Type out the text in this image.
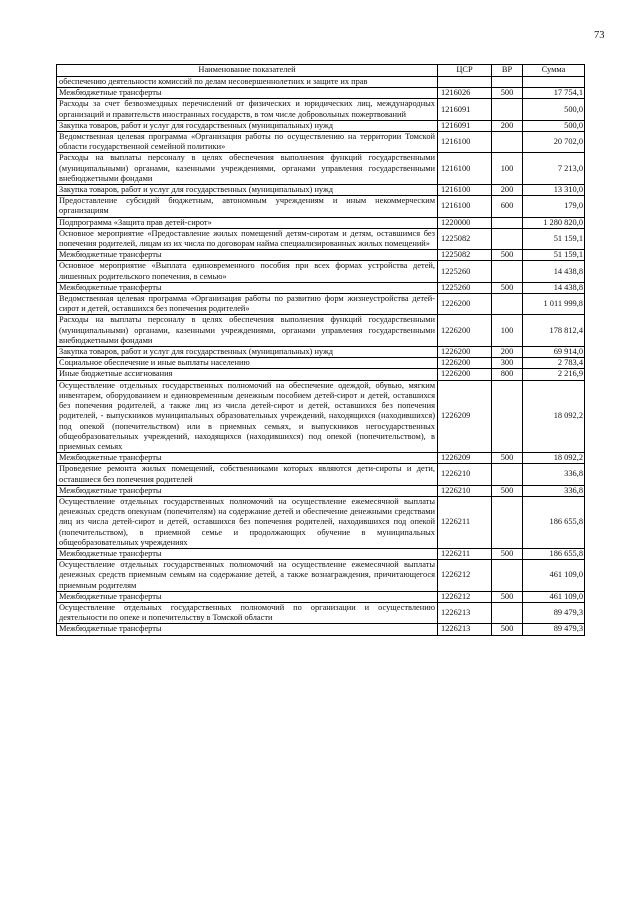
73
Наименование показателей	ЦСР	ВР	Сумма
обеспечению деятельности комиссий по делам несовершеннолетних и защите их прав			
Межбюджетные трансферты	1216026	500	17 754,1
Расходы за счет безвозмездных перечислений от физических и юридических лиц, международных организаций и правительств иностранных государств, в том числе добровольных пожертвований	1216091		500,0
Закупка товаров, работ и услуг для государственных (муниципальных) нужд	1216091	200	500,0
Ведомственная целевая программа «Организация работы по осуществлению на территории Томской области государственной семейной политики»	1216100		20 702,0
Расходы на выплаты персоналу в целях обеспечения выполнения функций государственными (муниципальными) органами, казенными учреждениями, органами управления государственными внебюджетными фондами	1216100	100	7 213,0
Закупка товаров, работ и услуг для государственных (муниципальных) нужд	1216100	200	13 310,0
Предоставление субсидий бюджетным, автономным учреждениям и иным некоммерческим организациям	1216100	600	179,0
Подпрограмма «Защита прав детей-сирот»	1220000		1 280 820,0
Основное мероприятие «Предоставление жилых помещений детям-сиротам и детям, оставшимся без попечения родителей, лицам из их числа по договорам найма специализированных жилых помещений»	1225082		51 159,1
Межбюджетные трансферты	1225082	500	51 159,1
Основное мероприятие «Выплата единовременного пособия при всех формах устройства детей, лишенных родительского попечения, в семью»	1225260		14 438,8
Межбюджетные трансферты	1225260	500	14 438,8
Ведомственная целевая программа «Организация работы по развитию форм жизнеустройства детей-сирот и детей, оставшихся без попечения родителей»	1226200		1 011 999,8
Расходы на выплаты персоналу в целях обеспечения выполнения функций государственными (муниципальными) органами, казенными учреждениями, органами управления государственными внебюджетными фондами	1226200	100	178 812,4
Закупка товаров, работ и услуг для государственных (муниципальных) нужд	1226200	200	69 914,0
Социальное обеспечение и иные выплаты населению	1226200	300	2 783,4
Иные бюджетные ассигнования	1226200	800	2 216,9
Осуществление отдельных государственных полномочий на обеспечение одеждой, обувью, мягким инвентарем, оборудованием и единовременным денежным пособием детей-сирот и детей, оставшихся без попечения родителей, а также лиц из числа детей-сирот и детей, оставшихся без попечения родителей, - выпускников муниципальных образовательных учреждений, находящихся (находившихся) под опекой (попечительством) или в приемных семьях, и выпускников негосударственных общеобразовательных учреждений, находящихся (находившихся) под опекой (попечительством), в приемных семьях	1226209		18 092,2
Межбюджетные трансферты	1226209	500	18 092,2
Проведение ремонта жилых помещений, собственниками которых являются дети-сироты и дети, оставшиеся без попечения родителей	1226210		336,8
Межбюджетные трансферты	1226210	500	336,8
Осуществление отдельных государственных полномочий на осуществление ежемесячной выплаты денежных средств опекунам (попечителям) на содержание детей и обеспечение денежными средствами лиц из числа детей-сирот и детей, оставшихся без попечения родителей, находившихся под опекой (попечительством), в приемной семье и продолжающих обучение в муниципальных общеобразовательных учреждениях	1226211		186 655,8
Межбюджетные трансферты	1226211	500	186 655,8
Осуществление отдельных государственных полномочий на осуществление ежемесячной выплаты денежных средств приемным семьям на содержание детей, а также вознаграждения, причитающегося приемным родителям	1226212		461 109,0
Межбюджетные трансферты	1226212	500	461 109,0
Осуществление отдельных государственных полномочий по организации и осуществлению деятельности по опеке и попечительству в Томской области	1226213		89 479,3
Межбюджетные трансферты	1226213	500	89 479,3
